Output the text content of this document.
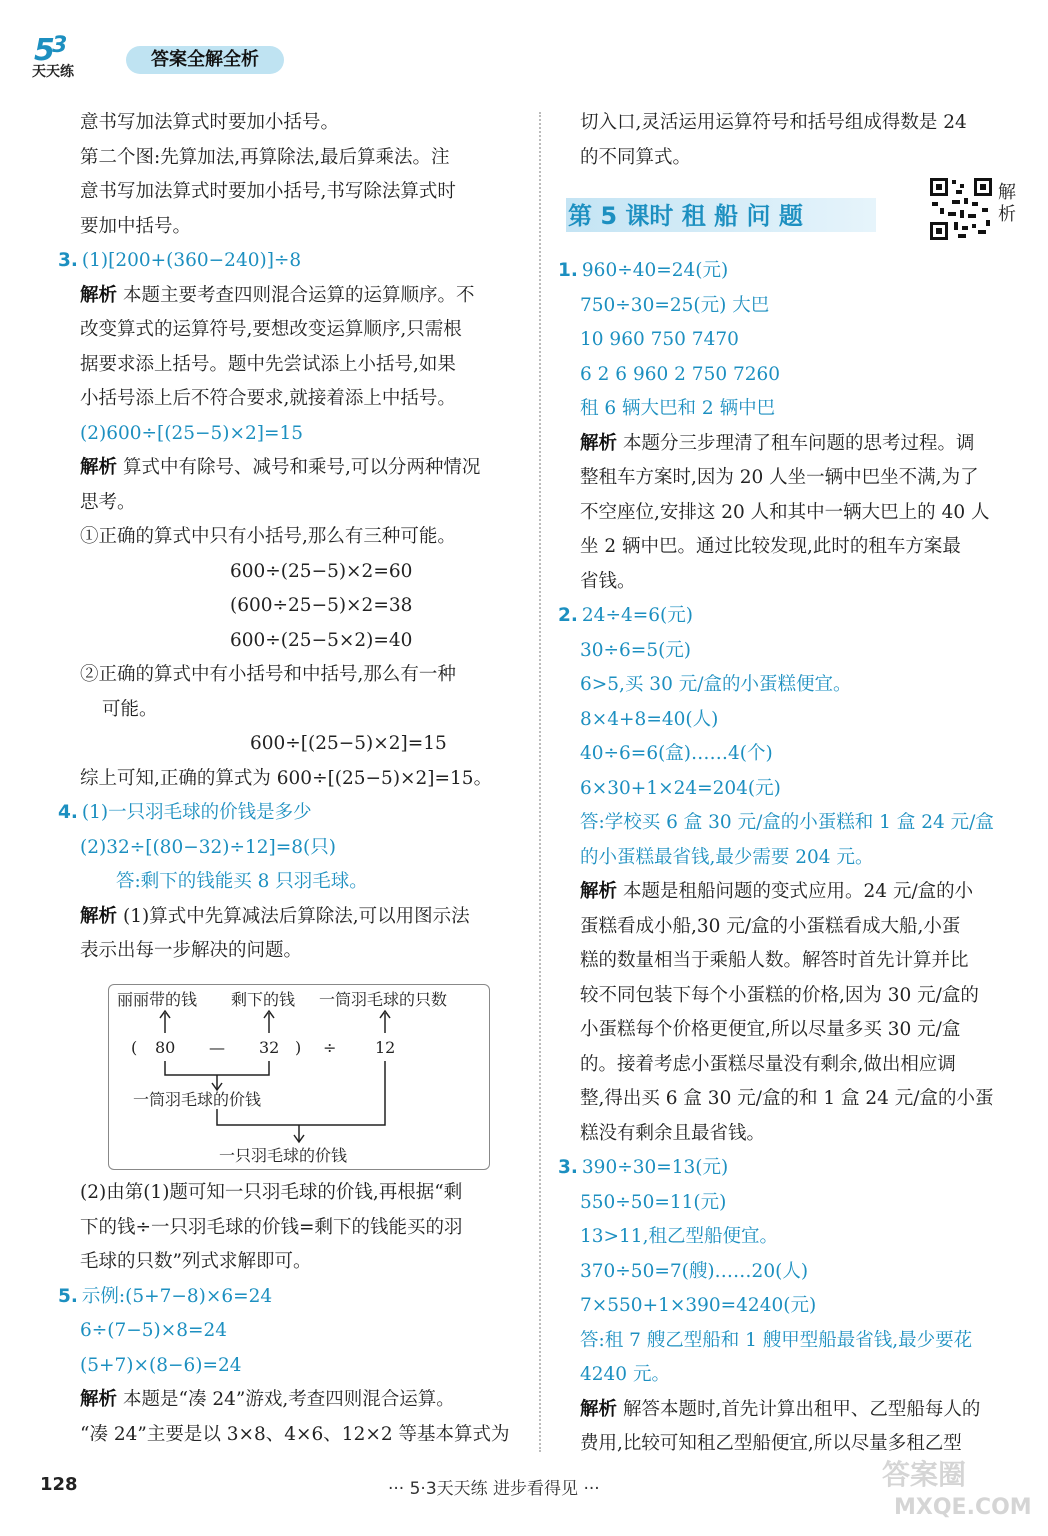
5
3
天天练
答案全解全析

意书写加法算式时要加小括号。

第二个图:先算加法,再算除法,最后算乘法。注

意书写加法算式时要加小括号,书写除法算式时

要加中括号。

3. (1)[200+(360−240)]÷8

解析 本题主要考查四则混合运算的运算顺序。不

改变算式的运算符号,要想改变运算顺序,只需根

据要求添上括号。题中先尝试添上小括号,如果

小括号添上后不符合要求,就接着添上中括号。

(2)600÷[(25−5)×2]=15

解析 算式中有除号、减号和乘号,可以分两种情况

思考。

①正确的算式中只有小括号,那么有三种可能。

600÷(25−5)×2=60

(600÷25−5)×2=38

600÷(25−5×2)=40

②正确的算式中有小括号和中括号,那么有一种

可能。

600÷[(25−5)×2]=15

综上可知,正确的算式为 600÷[(25−5)×2]=15。

4. (1)一只羽毛球的价钱是多少

(2)32÷[(80−32)÷12]=8(只)

答:剩下的钱能买 8 只羽毛球。

解析 (1)算式中先算减法后算除法,可以用图示法

表示出每一步解决的问题。

丽丽带的钱 剩下的钱 一筒羽毛球的只数
( 80 — 32 ) ÷ 12
一筒羽毛球的价钱
一只羽毛球的价钱

(2)由第(1)题可知一只羽毛球的价钱,再根据“剩

下的钱÷一只羽毛球的价钱=剩下的钱能买的羽

毛球的只数”列式求解即可。

5. 示例:(5+7−8)×6=24

6÷(7−5)×8=24

(5+7)×(8−6)=24

解析 本题是“凑 24”游戏,考查四则混合运算。

“凑 24”主要是以 3×8、4×6、12×2 等基本算式为

切入口,灵活运用运算符号和括号组成得数是 24

的不同算式。

第 5 课时 租 船 问 题
解析

1. 960÷40=24(元)

750÷30=25(元) 大巴

10 960 750 7470

6 2 6 960 2 750 7260

租 6 辆大巴和 2 辆中巴

解析 本题分三步理清了租车问题的思考过程。调

整租车方案时,因为 20 人坐一辆中巴坐不满,为了

不空座位,安排这 20 人和其中一辆大巴上的 40 人

坐 2 辆中巴。通过比较发现,此时的租车方案最

省钱。

2. 24÷4=6(元)

30÷6=5(元)

6>5,买 30 元/盒的小蛋糕便宜。

8×4+8=40(人)

40÷6=6(盒)……4(个)

6×30+1×24=204(元)

答:学校买 6 盒 30 元/盒的小蛋糕和 1 盒 24 元/盒

的小蛋糕最省钱,最少需要 204 元。

解析 本题是租船问题的变式应用。24 元/盒的小

蛋糕看成小船,30 元/盒的小蛋糕看成大船,小蛋

糕的数量相当于乘船人数。解答时首先计算并比

较不同包装下每个小蛋糕的价格,因为 30 元/盒的

小蛋糕每个价格更便宜,所以尽量多买 30 元/盒

的。接着考虑小蛋糕尽量没有剩余,做出相应调

整,得出买 6 盒 30 元/盒的和 1 盒 24 元/盒的小蛋

糕没有剩余且最省钱。

3. 390÷30=13(元)

550÷50=11(元)

13>11,租乙型船便宜。

370÷50=7(艘)……20(人)

7×550+1×390=4240(元)

答:租 7 艘乙型船和 1 艘甲型船最省钱,最少要花

4240 元。

解析 解答本题时,首先计算出租甲、乙型船每人的

费用,比较可知租乙型船便宜,所以尽量多租乙型

128	··· 5·3天天练 进步看得见 ···	答案圈
MXQE.COM
